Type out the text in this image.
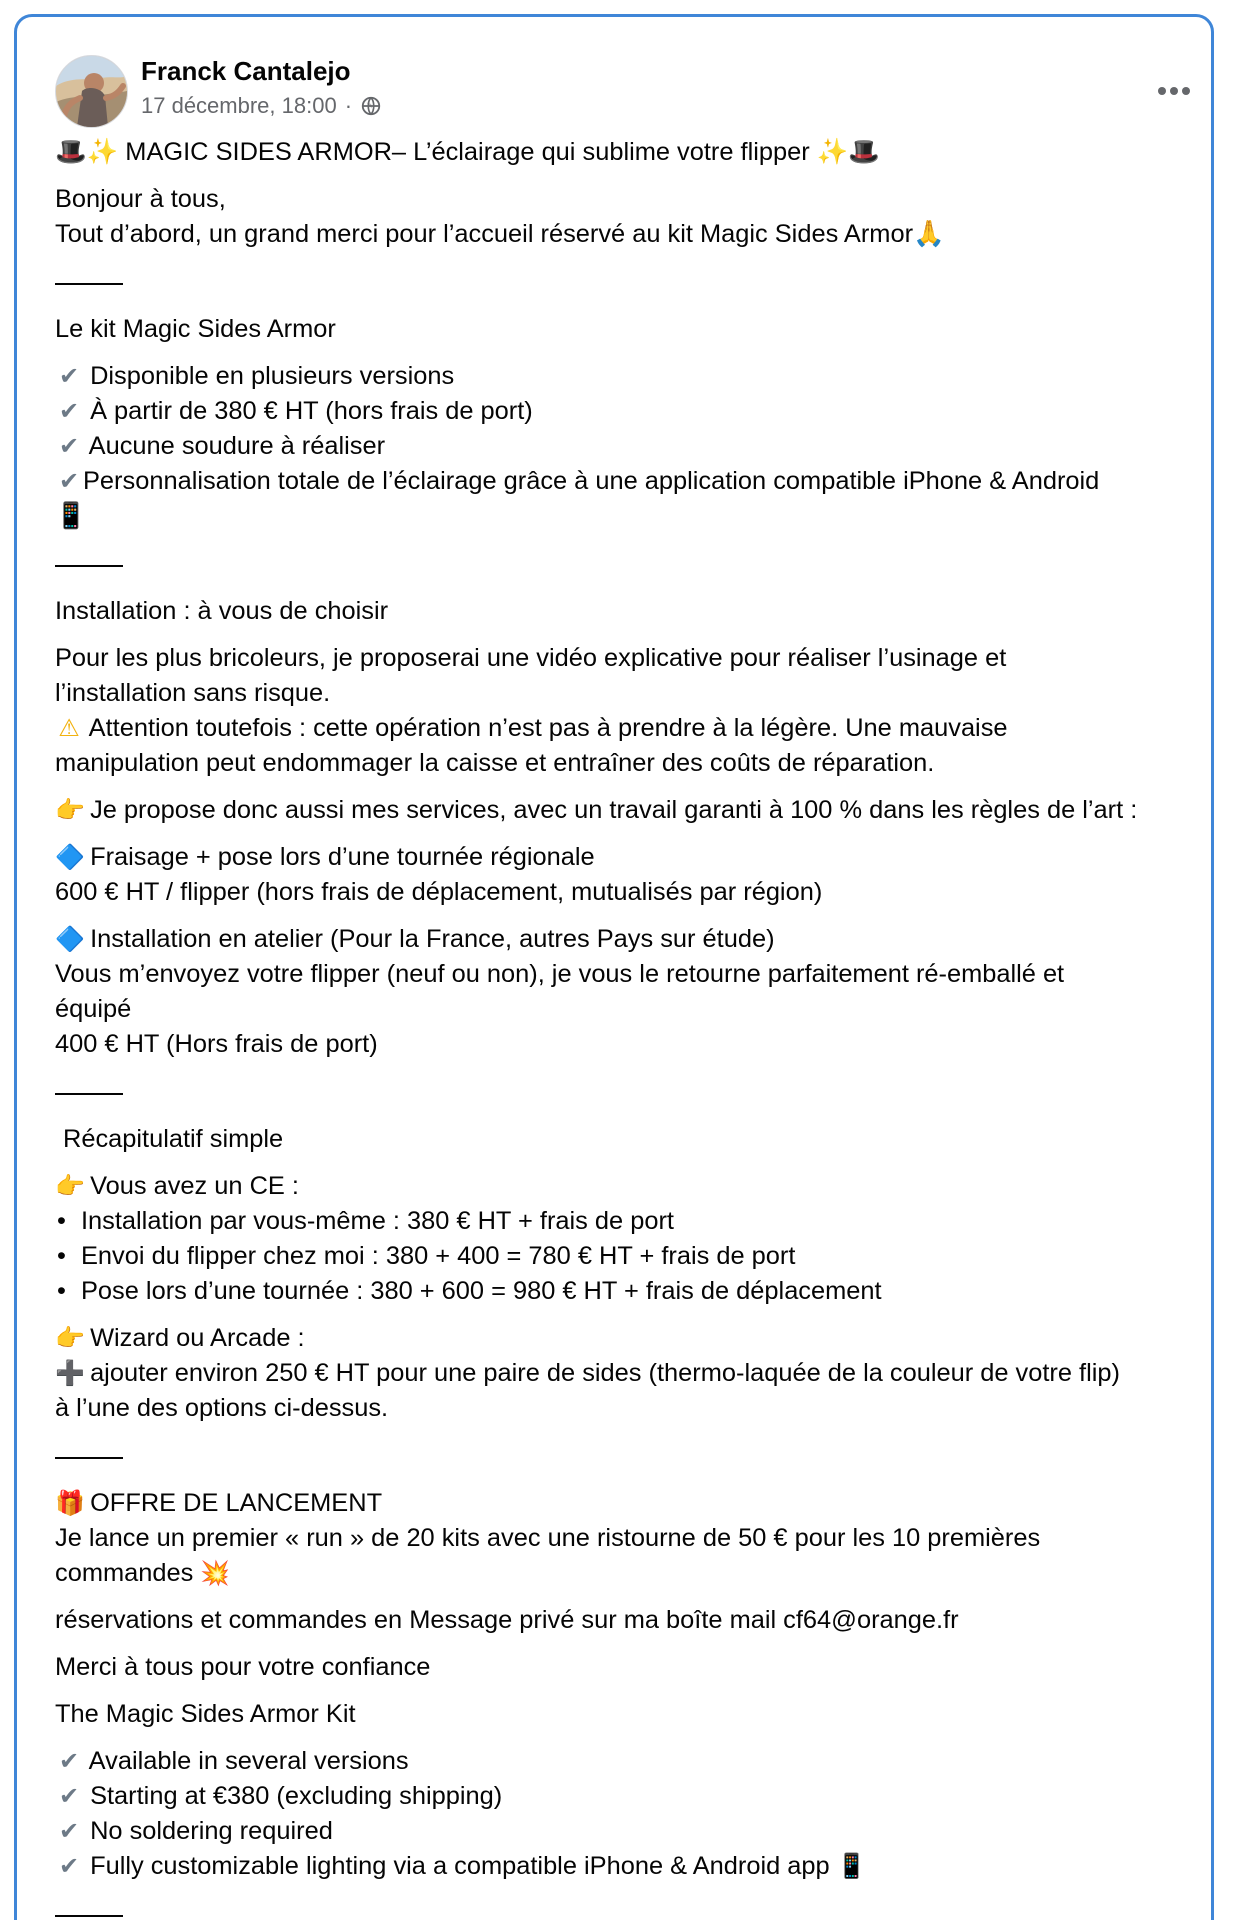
Franck Cantalejo
17 décembre, 18:00 ·

🎩✨ MAGIC SIDES ARMOR– L’éclairage qui sublime votre flipper ✨🎩

Bonjour à tous,
Tout d’abord, un grand merci pour l’accueil réservé au kit Magic Sides Armor🙏

Le kit Magic Sides Armor

✔ Disponible en plusieurs versions
✔ À partir de 380 € HT (hors frais de port)
✔ Aucune soudure à réaliser
✔ Personnalisation totale de l’éclairage grâce à une application compatible iPhone & Android
📱

Installation : à vous de choisir

Pour les plus bricoleurs, je proposerai une vidéo explicative pour réaliser l’usinage et
l’installation sans risque.
⚠ Attention toutefois : cette opération n’est pas à prendre à la légère. Une mauvaise
manipulation peut endommager la caisse et entraîner des coûts de réparation.

👉 Je propose donc aussi mes services, avec un travail garanti à 100 % dans les règles de l’art :

🔷 Fraisage + pose lors d’une tournée régionale
600 € HT / flipper (hors frais de déplacement, mutualisés par région)

🔷 Installation en atelier (Pour la France, autres Pays sur étude)
Vous m’envoyez votre flipper (neuf ou non), je vous le retourne parfaitement ré-emballé et
équipé
400 € HT (Hors frais de port)

Récapitulatif simple

👉 Vous avez un CE :

• Installation par vous-même : 380 € HT + frais de port
• Envoi du flipper chez moi : 380 + 400 = 780 € HT + frais de port
• Pose lors d’une tournée : 380 + 600 = 980 € HT + frais de déplacement

👉 Wizard ou Arcade :
➕ ajouter environ 250 € HT pour une paire de sides (thermo-laquée de la couleur de votre flip)
à l’une des options ci-dessus.

🎁 OFFRE DE LANCEMENT
Je lance un premier « run » de 20 kits avec une ristourne de 50 € pour les 10 premières
commandes 💥

réservations et commandes en Message privé sur ma boîte mail cf64@orange.fr

Merci à tous pour votre confiance

The Magic Sides Armor Kit

✔ Available in several versions
✔ Starting at €380 (excluding shipping)
✔ No soldering required
✔ Fully customizable lighting via a compatible iPhone & Android app 📱
